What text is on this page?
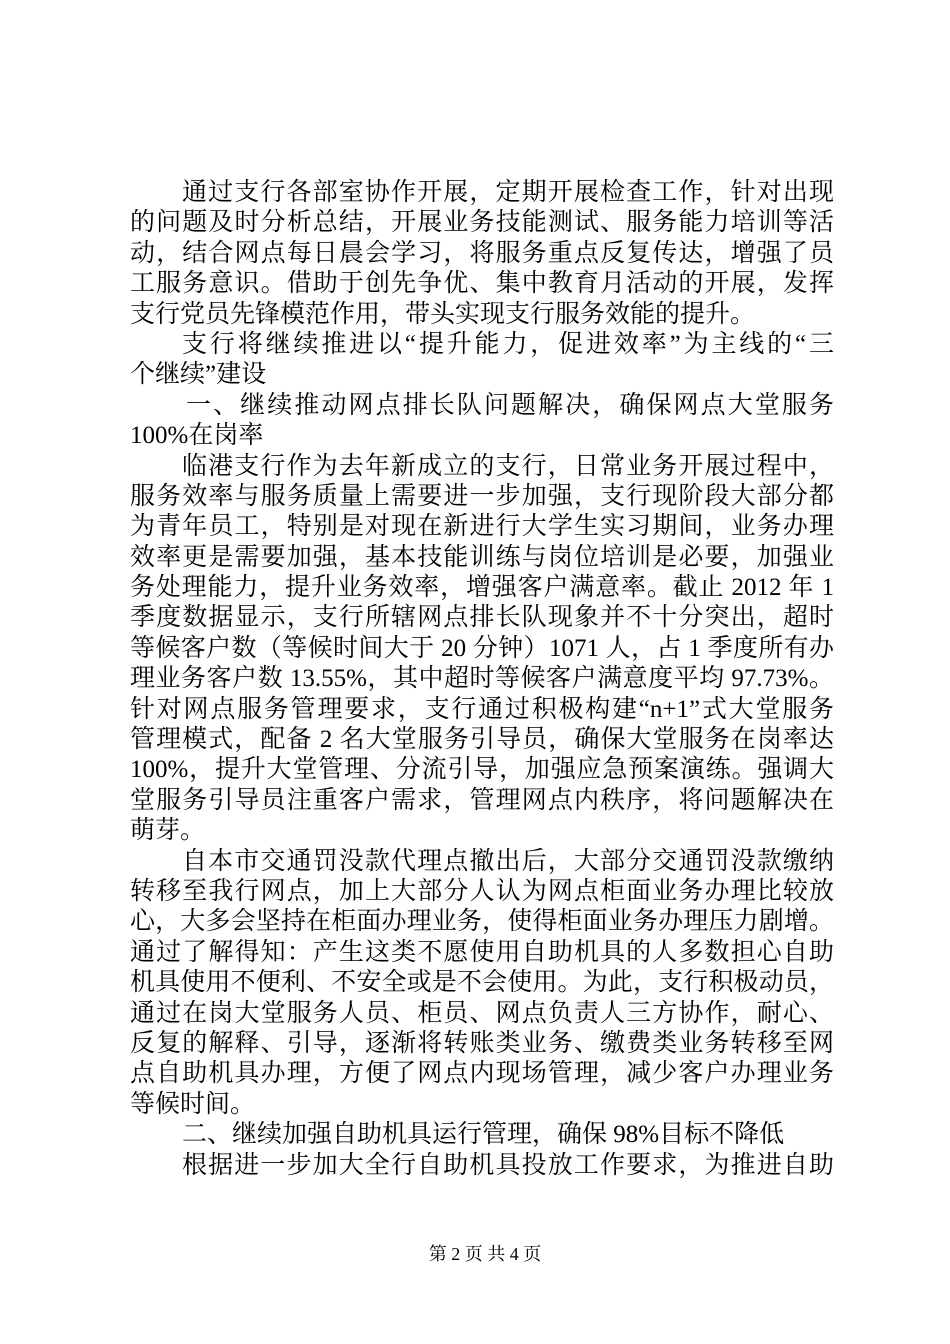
通过支行各部室协作开展，定期开展检查工作，针对出现
的问题及时分析总结，开展业务技能测试、服务能力培训等活
动，结合网点每日晨会学习，将服务重点反复传达，增强了员
工服务意识。借助于创先争优、集中教育月活动的开展，发挥
支行党员先锋模范作用，带头实现支行服务效能的提升。
支行将继续推进以“提升能力，促进效率”为主线的“三
个继续”建设
一、继续推动网点排长队问题解决，确保网点大堂服务
100%在岗率
临港支行作为去年新成立的支行，日常业务开展过程中，
服务效率与服务质量上需要进一步加强，支行现阶段大部分都
为青年员工，特别是对现在新进行大学生实习期间，业务办理
效率更是需要加强，基本技能训练与岗位培训是必要，加强业
务处理能力，提升业务效率，增强客户满意率。截止 2012 年 1
季度数据显示，支行所辖网点排长队现象并不十分突出，超时
等候客户数（等候时间大于 20 分钟）1071 人，占 1 季度所有办
理业务客户数 13.55%，其中超时等候客户满意度平均 97.73%。
针对网点服务管理要求，支行通过积极构建“n+1”式大堂服务
管理模式，配备 2 名大堂服务引导员，确保大堂服务在岗率达
100%，提升大堂管理、分流引导，加强应急预案演练。强调大
堂服务引导员注重客户需求，管理网点内秩序，将问题解决在
萌芽。
自本市交通罚没款代理点撤出后，大部分交通罚没款缴纳
转移至我行网点，加上大部分人认为网点柜面业务办理比较放
心，大多会坚持在柜面办理业务，使得柜面业务办理压力剧增。
通过了解得知：产生这类不愿使用自助机具的人多数担心自助
机具使用不便利、不安全或是不会使用。为此，支行积极动员，
通过在岗大堂服务人员、柜员、网点负责人三方协作，耐心、
反复的解释、引导，逐渐将转账类业务、缴费类业务转移至网
点自助机具办理，方便了网点内现场管理，减少客户办理业务
等候时间。
二、继续加强自助机具运行管理，确保 98%目标不降低
根据进一步加大全行自助机具投放工作要求，为推进自助
第 2 页 共 4 页
